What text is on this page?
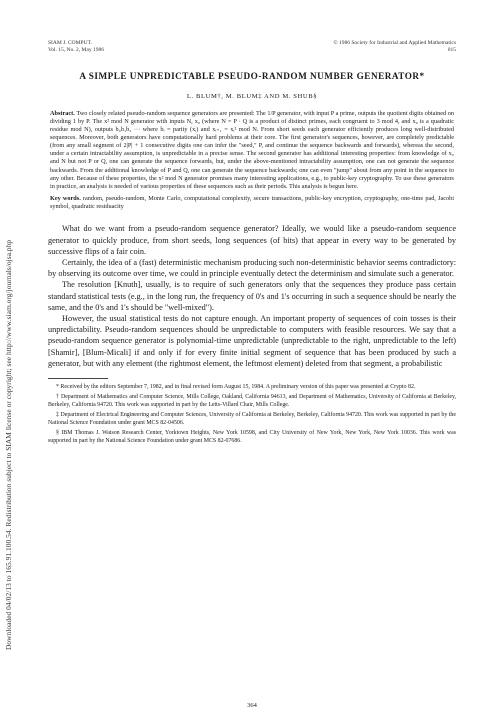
Downloaded 04/02/13 to 165.91.100.54. Redistribution subject to SIAM license or copyright; see http://www.siam.org/journals/ojsa.php
SIAM J. COMPUT.
Vol. 15, No. 2, May 1986
© 1986 Society for Industrial and Applied Mathematics
015
A SIMPLE UNPREDICTABLE PSEUDO-RANDOM NUMBER GENERATOR*
L. BLUM†, M. BLUM‡ AND M. SHUB§
Abstract. Two closely related pseudo-random sequence generators are presented: The 1/P generator, with input P a prime, outputs the quotient digits obtained on dividing 1 by P. The x² mod N generator with inputs N, x₀ (where N = P · Q is a product of distinct primes, each congruent to 3 mod 4, and x₀ is a quadratic residue mod N), outputs b₀b₁b₂ ··· where bᵢ = parity (xᵢ) and xᵢ₊₁ = xᵢ² mod N. From short seeds each generator efficiently produces long well-distributed sequences. Moreover, both generators have computationally hard problems at their core. The first generator's sequences, however, are completely predictable (from any small segment of 2|P| + 1 consecutive digits one can infer the "seed," P, and continue the sequence backwards and forwards), whereas the second, under a certain intractability assumption, is unpredictable in a precise sense. The second generator has additional interesting properties: from knowledge of x₀ and N but not P or Q, one can generate the sequence forwards, but, under the above-mentioned intractability assumption, one can not generate the sequence backwards. From the additional knowledge of P and Q, one can generate the sequence backwards; one can even "jump" about from any point in the sequence to any other. Because of these properties, the x² mod N generator promises many interesting applications, e.g., to public-key cryptography. To use these generators in practice, an analysis is needed of various properties of these sequences such as their periods. This analysis is begun here.
Key words. random, pseudo-random, Monte Carlo, computational complexity, secure transactions, public-key encryption, cryptography, one-time pad, Jacobi symbol, quadratic residuacity

What do we want from a pseudo-random sequence generator? Ideally, we would like a pseudo-random sequence generator to quickly produce, from short seeds, long sequences (of bits) that appear in every way to be generated by successive flips of a fair coin.

Certainly, the idea of a (fast) deterministic mechanism producing such non-deterministic behavior seems contradictory: by observing its outcome over time, we could in principle eventually detect the determinism and simulate such a generator.

The resolution [Knuth], usually, is to require of such generators only that the sequences they produce pass certain standard statistical tests (e.g., in the long run, the frequency of 0's and 1's occurring in such a sequence should be nearly the same, and the 0's and 1's should be "well-mixed").

However, the usual statistical tests do not capture enough. An important property of sequences of coin tosses is their unpredictability. Pseudo-random sequences should be unpredictable to computers with feasible resources. We say that a pseudo-random sequence generator is polynomial-time unpredictable (unpredictable to the right, unpredictable to the left) [Shamir], [Blum-Micali] if and only if for every finite initial segment of sequence that has been produced by such a generator, but with any element (the rightmost element, the leftmost element) deleted from that segment, a probabilistic

* Received by the editors September 7, 1982, and in final revised form August 15, 1984. A preliminary version of this paper was presented at Crypto 82.

† Department of Mathematics and Computer Science, Mills College, Oakland, California 94613, and Department of Mathematics, University of California at Berkeley, Berkeley, California 94720. This work was supported in part by the Letts-Villard Chair, Mills College.

‡ Department of Electrical Engineering and Computer Sciences, University of California at Berkeley, Berkeley, California 94720. This work was supported in part by the National Science Foundation under grant MCS 82-04506.

§ IBM Thomas J. Watson Research Center, Yorktown Heights, New York 10598, and City University of New York, New York, New York 10036. This work was supported in part by the National Science Foundation under grant MCS 82-07686.

364
